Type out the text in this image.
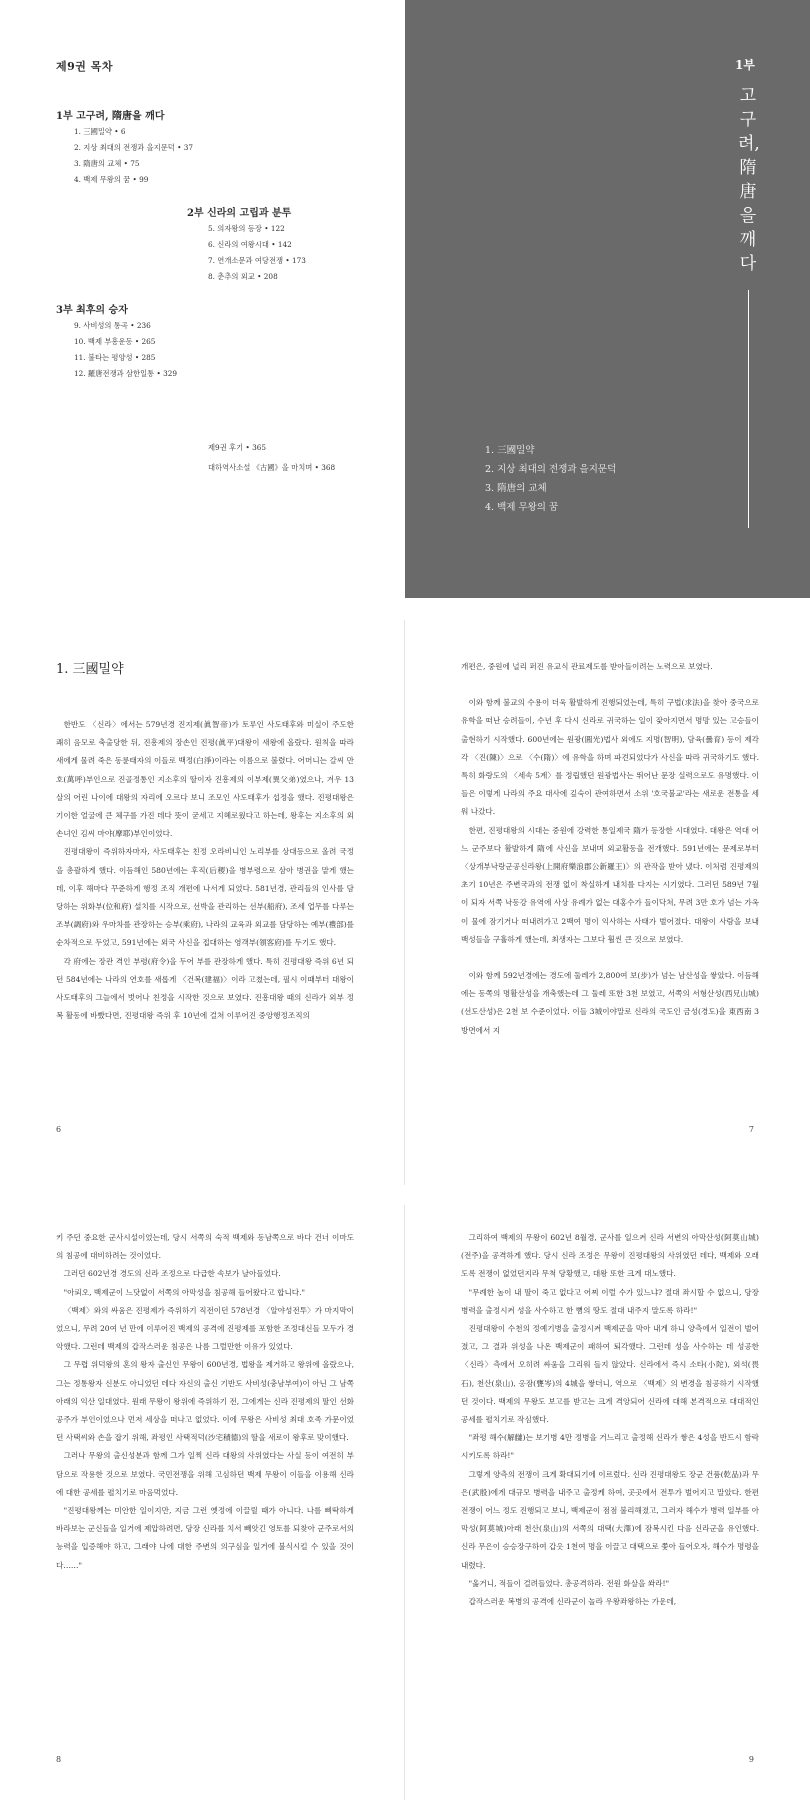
제9권 목차
1부 고구려, 隋唐을 깨다
1. 三國밀약 • 6
2. 지상 최대의 전쟁과 을지문덕 • 37
3. 隋唐의 교체 • 75
4. 백제 무왕의 꿈 • 99
2부 신라의 고립과 분투
5. 의자왕의 등장 • 122
6. 신라의 여왕시대 • 142
7. 연개소문과 여당전쟁 • 173
8. 춘추의 외교 • 208
3부 최후의 승자
9. 사비성의 통곡 • 236
10. 백제 부흥운동 • 265
11. 불타는 평양성 • 285
12. 羅唐전쟁과 삼한일통 • 329
제9권 후기 • 365
대하역사소설 《古國》을 마치며 • 368
1부
고구려, 隋唐을 깨다
1. 三國밀약
2. 지상 최대의 전쟁과 을지문덕
3. 隋唐의 교체
4. 백제 무왕의 꿈
1. 三國밀약

한반도 〈신라〉에서는 579년경 진지제(眞智帝)가 토루인 사도태후와 미실이 주도한 쾌히 음모로 축출당한 뒤, 진흥제의 장손인 진평(眞平)대왕이 새왕에 올랐다. 원칙을 따라 새에게 물려 죽은 동륜태자의 이들로 백정(白淨)이라는 이름으로 불렸다. 어머니는 갈씨 만호(萬呼)부인으로 진골정통인 지소후의 딸이자 진흥제의 이부제(異父弟)였으나, 겨우 13살의 어린 나이에 대왕의 자리에 오르다 보니 조모인 사도태후가 섭정을 했다. 진평대왕은 기이한 얼굴에 큰 체구를 가진 데다 뜻이 굳세고 지혜로웠다고 하는데, 왕후는 지소후의 외손녀인 김씨 마야(摩耶)부인이었다.

진평대왕이 즉위하자마자, 사도태후는 친정 오라비니인 노리부를 상대등으로 올려 국정을 총괄하게 했다. 이듬해인 580년에는 후직(后稷)을 병부령으로 삼아 병권을 맡게 했는데, 이후 해마다 꾸준하게 행정 조직 개편에 나서게 되었다. 581년경, 관리들의 인사를 담당하는 위화부(位和府) 설치를 시작으로, 선박을 관리하는 선부(船府), 조세 업무를 다루는 조부(調府)와 우마차를 관장하는 승부(乘府), 나라의 교육과 외교를 담당하는 예부(禮部)를 순차적으로 두었고, 591년에는 외국 사신을 접대하는 영객부(領客府)를 두기도 했다.

각 府에는 장관 격인 부령(府令)을 두어 부를 관장하게 했다. 특히 진평대왕 즉위 6년 되던 584년에는 나라의 연호를 새롭게 〈건복(建福)〉이라 고쳤는데, 필시 이때부터 대왕이 사도태후의 그늘에서 벗어나 친정을 시작한 것으로 보였다. 진흥대왕 때의 신라가 외부 정복 활동에 바빴다면, 진평대왕 즉위 후 10년에 걸쳐 이루어진 중앙행정조직의

6

개편은, 중원에 널리 퍼진 유교식 관료제도를 받아들이려는 노력으로 보였다.

이와 함께 불교의 수용이 더욱 활발하게 진행되었는데, 특히 구법(求法)을 찾아 중국으로 유학을 떠난 승려들이, 수년 후 다시 신라로 귀국하는 일이 잦아지면서 명망 있는 고승들이 출현하기 시작했다. 600년에는 원광(圓光)법사 외에도 지명(智明), 담육(曇育) 등이 제각각 〈진(陳)〉으로 〈수(隋)〉에 유학을 하며 파견되었다가 사신을 따라 귀국하기도 했다. 특히 화랑도의 〈세속 5계〉를 정립했던 원광법사는 뛰어난 문장 실력으로도 유명했다. 이들은 이렇게 나라의 주요 대사에 깊숙이 관여하면서 소위 '호국불교'라는 새로운 전통을 세워 나갔다.

한편, 진평대왕의 시대는 중원에 강력한 통일제국 隋가 등장한 시대였다. 대왕은 역대 어느 군주보다 활발하게 隋에 사신을 보내며 외교활동을 전개했다. 591년에는 문제로부터 〈상개부낙랑군공신라왕(上開府樂浪郡公新羅王)〉의 관작을 받아 냈다. 이처럼 진평제의 초기 10년은 주변국과의 전쟁 없이 착실하게 내치를 다지는 시기였다. 그러던 589년 7월이 되자 서쪽 낙동강 유역에 사상 유례가 없는 대홍수가 들이닥쳐, 무려 3만 호가 넘는 가옥이 물에 잠기거나 떠내려가고 2백여 명이 익사하는 사태가 벌어졌다. 대왕이 사람을 보내 백성들을 구휼하게 했는데, 최생자는 그보다 훨씬 큰 것으로 보였다.

이와 함께 592년경에는 경도에 둘레가 2,800여 보(步)가 넘는 남산성을 쌓았다. 이듬해에는 동쪽의 명활산성을 개축했는데 그 둘레 또한 3천 보였고, 서쪽의 서형산성(西兄山城)(선도산성)은 2천 보 수준이었다. 이들 3城이야말로 신라의 국도인 금성(경도)을 東西南 3방면에서 지

7

키 주던 중요한 군사시설이었는데, 당시 서쪽의 숙적 백제와 동남쪽으로 바다 건너 이마도의 침공에 대비하려는 것이었다.

그러던 602년경 경도의 신라 조정으로 다급한 속보가 날아들었다.

"아뢰오, 백제군이 느닷없이 서쪽의 아막성을 침공해 들어왔다고 합니다."

〈백제〉와의 싸움은 진평제가 즉위하기 직전이던 578년경 〈알야성전투〉가 마지막이었으니, 무려 20여 년 만에 이루어진 백제의 공격에 진평제를 포함한 조정대신들 모두가 경악했다. 그런데 백제의 갑작스러운 침공은 나름 그럴만한 이유가 있었다.

그 무렵 위덕왕의 혼의 왕자 출신인 무왕이 600년경, 법왕을 제거하고 왕위에 올랐으나, 그는 정통왕자 신분도 아니었던 데다 자신의 출신 기반도 사비성(충남부여)이 아닌 그 남쪽 아래의 익산 일대였다. 원래 무왕이 왕위에 즉위하기 전, 그에게는 신라 진평제의 딸인 선화공주가 부인이었으나 먼저 세상을 떠나고 없었다. 이에 무왕은 사비성 최대 호족 가문이었던 사택씨와 손을 잡기 위해, 좌평인 사택적덕(沙宅積德)의 딸을 새로이 왕후로 맞이했다.

그러나 무왕의 출신성분과 함께 그가 일찍 신라 대왕의 사위였다는 사실 등이 여전히 부담으로 작용한 것으로 보였다. 국민전쟁을 위해 고심하던 백제 무왕이 이들을 이용해 신라에 대한 공세를 펼치기로 마음먹었다.

"진평대왕께는 미안한 일이지만, 지금 그런 옛정에 이끌릴 때가 아니다. 나를 삐딱하게 바라보는 군신들을 일거에 제압하려면, 당장 신라를 치서 빼앗긴 영토를 되찾아 군주로서의 능력을 입증해야 하고, 그래야 나에 대한 주변의 의구심을 일거에 불식시킬 수 있을 것이다……"

8

그리하여 백제의 무왕이 602년 8월경, 군사를 일으켜 신라 서변의 아막산성(阿莫山城)(전주)을 공격하게 했다. 당시 신라 조정은 무왕이 진평대왕의 사위였던 데다, 백제와 오래도록 전쟁이 없었던지라 무척 당황했고, 대왕 또한 크게 대노했다.

"무례한 놈이 내 딸이 죽고 없다고 어찌 이럴 수가 있느냐? 절대 좌시할 수 없으니, 당장 병력을 출정시켜 성을 사수하고 한 뼘의 땅도 절대 내주지 말도록 하라!"

진평대왕이 수천의 정예기병을 출정시켜 백제군을 막아 내게 하니 양측에서 일전이 벌어졌고, 그 결과 위성을 나온 백제군이 패하여 퇴각했다. 그런데 성을 사수하는 데 성공한 〈신라〉측에서 오히려 싸움을 그리워 들지 않았다. 신라에서 즉시 소타(小陀), 외석(畏石), 천산(泉山), 옹잠(甕岑)의 4城을 쌓더니, 역으로 〈백제〉의 변경을 침공하기 시작했던 것이다. 백제의 무왕도 보고를 받고는 크게 격앙되어 신라에 대해 본격적으로 대대적인 공세를 펼치기로 작심했다.

"좌평 해수(解讎)는 보기병 4만 정병을 거느리고 출정해 신라가 쌓은 4성을 반드시 함락시키도록 하라!"

그렇게 양측의 전쟁이 크게 확대되기에 이르렀다. 신라 진평대왕도 장군 건품(乾品)과 무은(武殷)에게 대규모 병력을 내주고 출정케 하여, 곳곳에서 전투가 벌어지고 말았다. 한편 전쟁이 어느 정도 진행되고 보니, 백제군이 점점 불리해졌고, 그러자 해수가 병력 일부를 아막성(阿莫城)아래 천산(泉山)의 서쪽의 대택(大澤)에 잠복시킨 다음 신라군을 유인했다. 신라 무은이 승승장구하여 갑옷 1천여 명을 이끌고 대택으로 쫓아 들어오자, 해수가 명령을 내렸다.

"옳거니, 적들이 걸려들었다. 총공격하라. 전원 화살을 쏴라!"

갑작스러운 복병의 공격에 신라군이 놀라 우왕좌왕하는 가운데,

9
